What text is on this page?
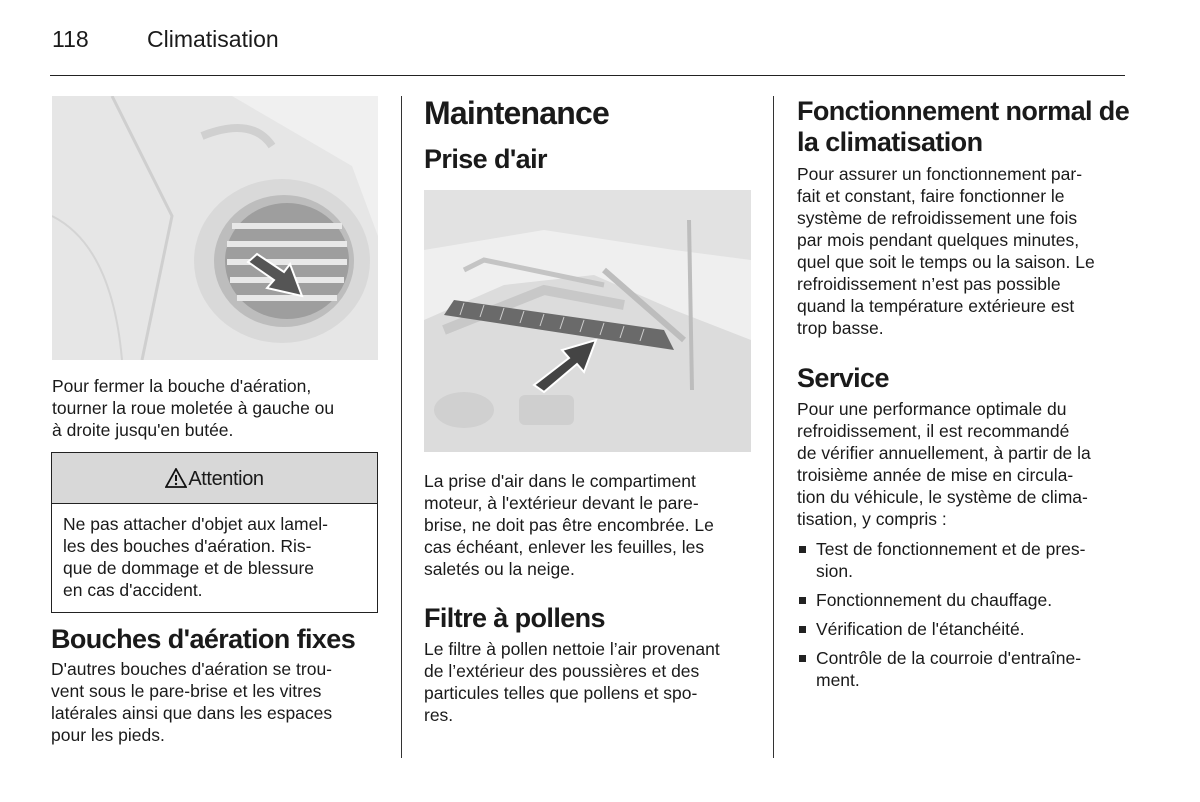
118	Climatisation

Pour fermer la bouche d'aération,
tourner la roue moletée à gauche ou
à droite jusqu'en butée.

Attention

Ne pas attacher d'objet aux lamel-
les des bouches d'aération. Ris-
que de dommage et de blessure
en cas d'accident.

Bouches d'aération fixes

D'autres bouches d'aération se trou-
vent sous le pare-brise et les vitres
latérales ainsi que dans les espaces
pour les pieds.

Maintenance
Prise d'air

La prise d'air dans le compartiment
moteur, à l'extérieur devant le pare-
brise, ne doit pas être encombrée. Le
cas échéant, enlever les feuilles, les
saletés ou la neige.

Filtre à pollens

Le filtre à pollen nettoie l’air provenant
de l’extérieur des poussières et des
particules telles que pollens et spo-
res.

Fonctionnement normal de
la climatisation

Pour assurer un fonctionnement par-
fait et constant, faire fonctionner le
système de refroidissement une fois
par mois pendant quelques minutes,
quel que soit le temps ou la saison. Le
refroidissement n’est pas possible
quand la température extérieure est
trop basse.

Service

Pour une performance optimale du
refroidissement, il est recommandé
de vérifier annuellement, à partir de la
troisième année de mise en circula-
tion du véhicule, le système de clima-
tisation, y compris :

Test de fonctionnement et de pres-
sion.
Fonctionnement du chauffage.
Vérification de l'étanchéité.
Contrôle de la courroie d'entraîne-
ment.
